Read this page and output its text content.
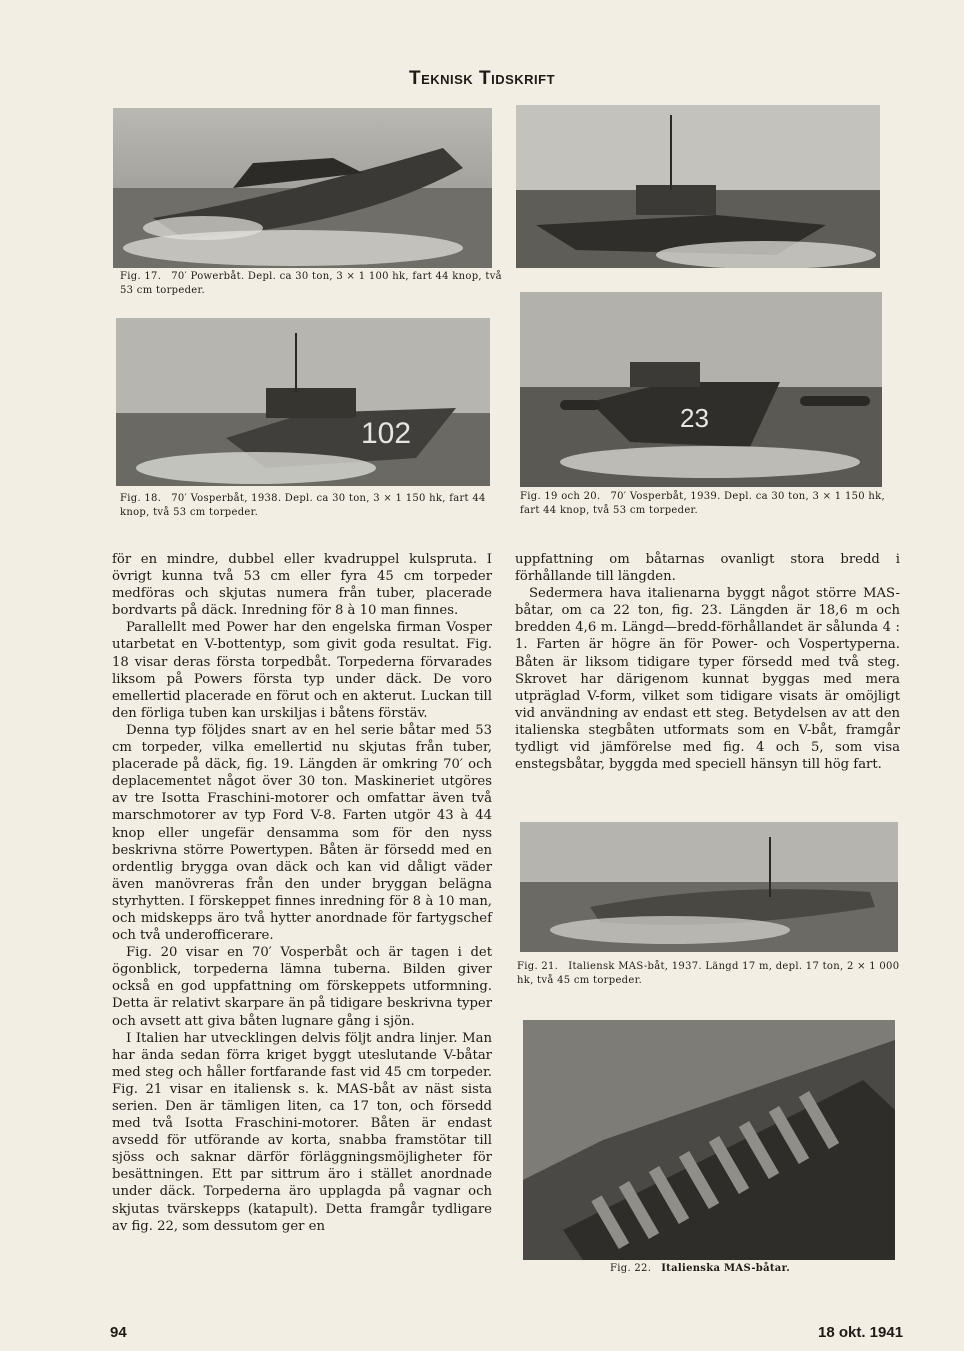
Teknisk Tidskrift
Fig. 17. 70′ Powerbåt. Depl. ca 30 ton, 3 × 1 100 hk, fart 44 knop, två 53 cm torpeder.
102
Fig. 18. 70′ Vosperbåt, 1938. Depl. ca 30 ton, 3 × 1 150 hk, fart 44 knop, två 53 cm torpeder.
23
Fig. 19 och 20. 70′ Vosperbåt, 1939. Depl. ca 30 ton, 3 × 1 150 hk, fart 44 knop, två 53 cm torpeder.

för en mindre, dubbel eller kvadruppel kulspruta. I övrigt kunna två 53 cm eller fyra 45 cm torpeder medföras och skjutas numera från tuber, placerade bordvarts på däck. Inredning för 8 à 10 man finnes.

Parallellt med Power har den engelska firman Vosper utarbetat en V-bottentyp, som givit goda resultat. Fig. 18 visar deras första torpedbåt. Torpederna förvarades liksom på Powers första typ under däck. De voro emellertid placerade en förut och en akterut. Luckan till den förliga tuben kan urskiljas i båtens förstäv.

Denna typ följdes snart av en hel serie båtar med 53 cm torpeder, vilka emellertid nu skjutas från tuber, placerade på däck, fig. 19. Längden är omkring 70′ och deplacementet något över 30 ton. Maskineriet utgöres av tre Isotta Fraschini-motorer och omfattar även två marschmotorer av typ Ford V-8. Farten utgör 43 à 44 knop eller ungefär densamma som för den nyss beskrivna större Powertypen. Båten är försedd med en ordentlig brygga ovan däck och kan vid dåligt väder även manövreras från den under bryggan belägna styrhytten. I förskeppet finnes inredning för 8 à 10 man, och midskepps äro två hytter anordnade för fartygschef och två underofficerare.

Fig. 20 visar en 70′ Vosperbåt och är tagen i det ögonblick, torpederna lämna tuberna. Bilden giver också en god uppfattning om förskeppets utformning. Detta är relativt skarpare än på tidigare beskrivna typer och avsett att giva båten lugnare gång i sjön.

I Italien har utvecklingen delvis följt andra linjer. Man har ända sedan förra kriget byggt uteslutande V-båtar med steg och håller fortfarande fast vid 45 cm torpeder. Fig. 21 visar en italiensk s. k. MAS-båt av näst sista serien. Den är tämligen liten, ca 17 ton, och försedd med två Isotta Fraschini-motorer. Båten är endast avsedd för utförande av korta, snabba framstötar till sjöss och saknar därför förläggningsmöjligheter för besättningen. Ett par sittrum äro i stället anordnade under däck. Torpederna äro upplagda på vagnar och skjutas tvärskepps (katapult). Detta framgår tydligare av fig. 22, som dessutom ger en

uppfattning om båtarnas ovanligt stora bredd i förhållande till längden.

Sedermera hava italienarna byggt något större MAS-båtar, om ca 22 ton, fig. 23. Längden är 18,6 m och bredden 4,6 m. Längd—bredd-förhållandet är sålunda 4 : 1. Farten är högre än för Power- och Vospertyperna. Båten är liksom tidigare typer försedd med två steg. Skrovet har därigenom kunnat byggas med mera utpräglad V-form, vilket som tidigare visats är omöjligt vid användning av endast ett steg. Betydelsen av att den italienska stegbåten utformats som en V-båt, framgår tydligt vid jämförelse med fig. 4 och 5, som visa enstegsbåtar, byggda med speciell hänsyn till hög fart.

Fig. 21. Italiensk MAS-båt, 1937. Längd 17 m, depl. 17 ton, 2 × 1 000 hk, två 45 cm torpeder.
Fig. 22. Italienska MAS-båtar.
94	18 okt. 1941
